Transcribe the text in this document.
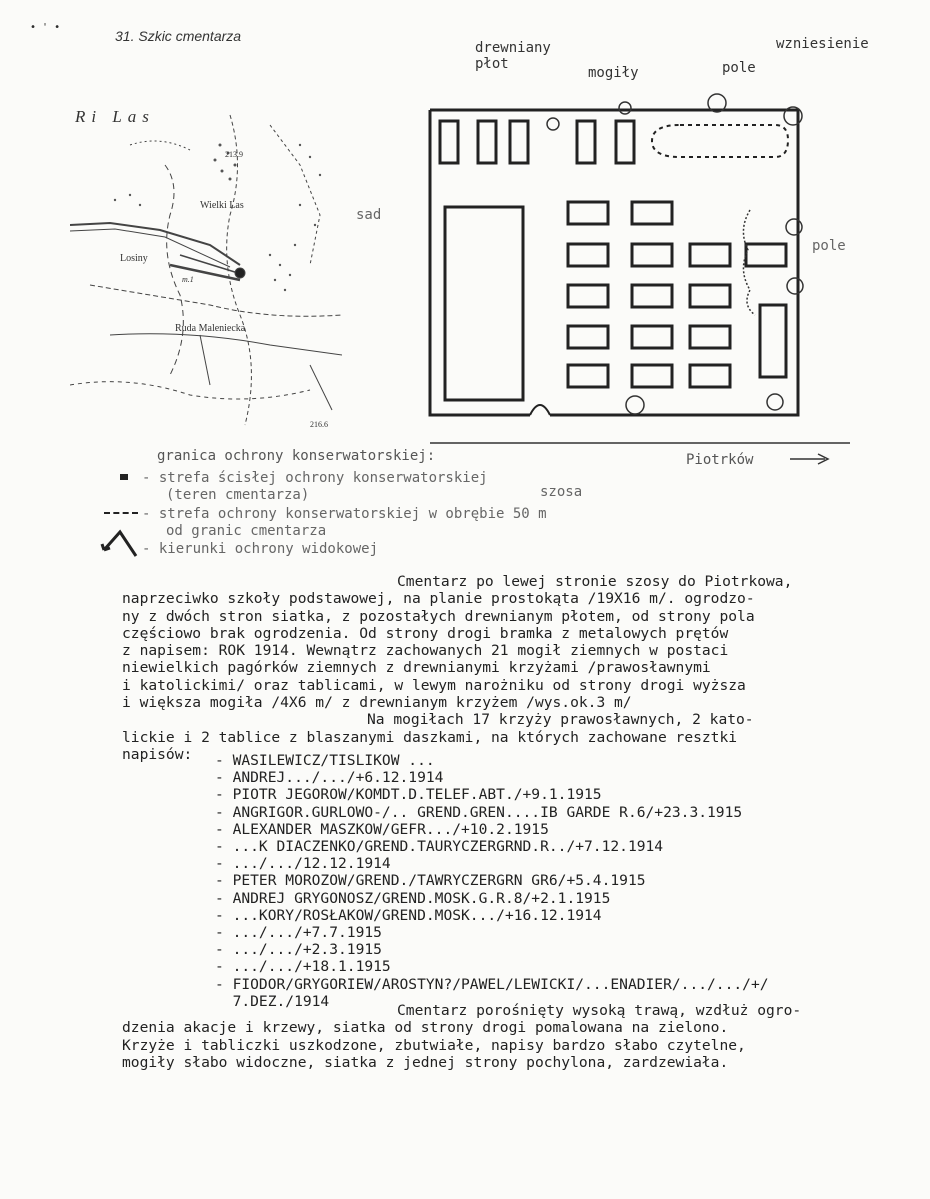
• ' •
31. Szkic cmentarza
Ri Las
Wielki Las
Losiny
Ruda Maleniecka
213.9
m.1
216.6
drewniany
płot
mogiły	pole
wzniesienie
sad
pole
szosa
Piotrków
granica ochrony konserwatorskiej:
- strefa ścisłej ochrony konserwatorskiej
(teren cmentarza)
- strefa ochrony konserwatorskiej w obrębie 50 m
od granic cmentarza
- kierunki ochrony widokowej

Cmentarz po lewej stronie szosy do Piotrkowa,

naprzeciwko szkoły podstawowej, na planie prostokąta /19X16 m/. ogrodzo-

ny z dwóch stron siatka, z pozostałych drewnianym płotem, od strony pola

częściowo brak ogrodzenia. Od strony drogi bramka z metalowych prętów

z napisem: ROK 1914. Wewnątrz zachowanych 21 mogił ziemnych w postaci

niewielkich pagórków ziemnych z drewnianymi krzyżami /prawosławnymi

i katolickimi/ oraz tablicami, w lewym narożniku od strony drogi wyższa

i większa mogiła /4X6 m/ z drewnianym krzyżem /wys.ok.3 m/

Na mogiłach 17 krzyży prawosławnych, 2 kato-

lickie i 2 tablice z blaszanymi daszkami, na których zachowane resztki

napisów:	- WASILEWICZ/TISLIKOW ...
- ANDREJ.../.../+6.12.1914
- PIOTR JEGOROW/KOMDT.D.TELEF.ABT./+9.1.1915
- ANGRIGOR.GURLOWO-/.. GREND.GREN....IB GARDE R.6/+23.3.1915
- ALEXANDER MASZKOW/GEFR.../+10.2.1915
- ...K DIACZENKO/GREND.TAURYCZERGRND.R../+7.12.1914
- .../.../12.12.1914
- PETER MOROZOW/GREND./TAWRYCZERGRN GR6/+5.4.1915
- ANDREJ GRYGONOSZ/GREND.MOSK.G.R.8/+2.1.1915
- ...KORY/ROSŁAKOW/GREND.MOSK.../+16.12.1914
- .../.../+7.7.1915
- .../.../+2.3.1915
- .../.../+18.1.1915
- FIODOR/GRYGORIEW/AROSTYN?/PAWEL/LEWICKI/...ENADIER/.../.../+/
7.DEZ./1914

Cmentarz porośnięty wysoką trawą, wzdłuż ogro-

dzenia akacje i krzewy, siatka od strony drogi pomalowana na zielono.

Krzyże i tabliczki uszkodzone, zbutwiałe, napisy bardzo słabo czytelne,

mogiły słabo widoczne, siatka z jednej strony pochylona, zardzewiała.
